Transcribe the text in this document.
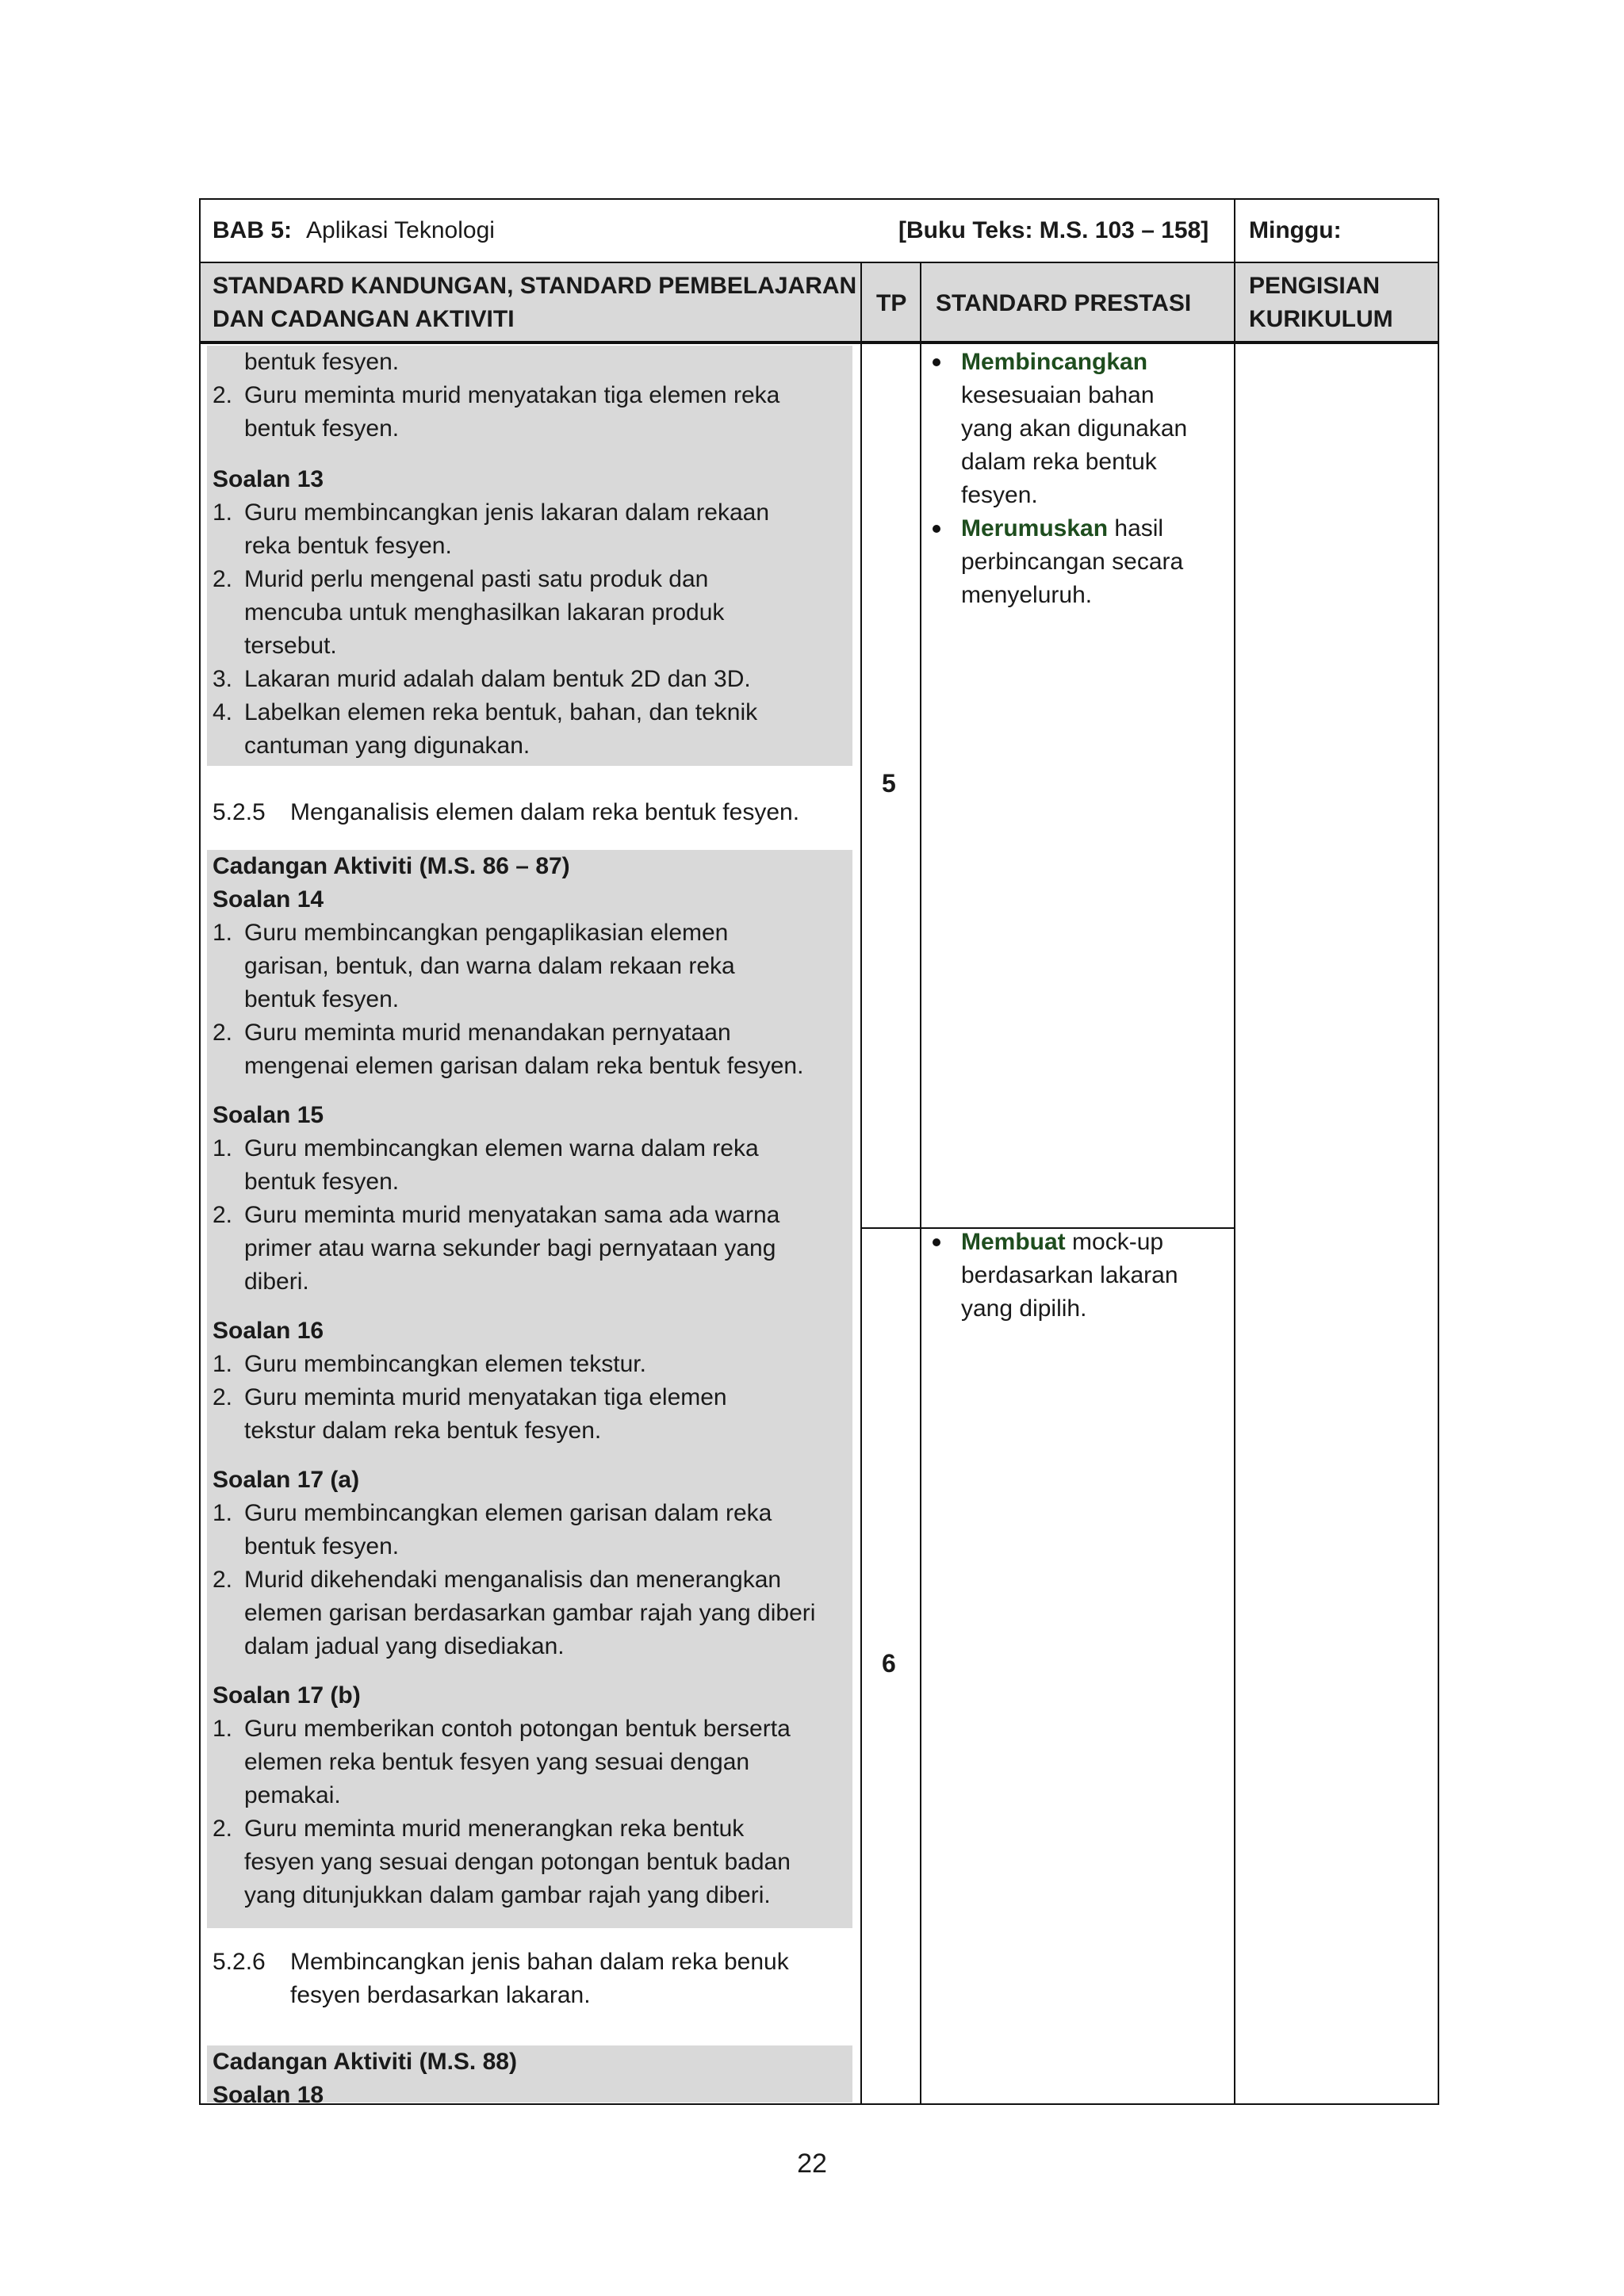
BAB 5: Aplikasi Teknologi	[Buku Teks: M.S. 103 – 158] Minggu:
STANDARD KANDUNGAN, STANDARD PEMBELAJARAN
DAN CADANGAN AKTIVITI
TP STANDARD PRESTASI
PENGISIAN
KURIKULUM
bentuk fesyen.
2. Guru meminta murid menyatakan tiga elemen reka
bentuk fesyen.
Soalan 13
1. Guru membincangkan jenis lakaran dalam rekaan
reka bentuk fesyen.
2. Murid perlu mengenal pasti satu produk dan
mencuba untuk menghasilkan lakaran produk
tersebut.
3. Lakaran murid adalah dalam bentuk 2D dan 3D.
4. Labelkan elemen reka bentuk, bahan, dan teknik
cantuman yang digunakan.
5.2.5 Menganalisis elemen dalam reka bentuk fesyen.
Cadangan Aktiviti (M.S. 86 – 87)
Soalan 14
1. Guru membincangkan pengaplikasian elemen
garisan, bentuk, dan warna dalam rekaan reka
bentuk fesyen.
2. Guru meminta murid menandakan pernyataan
mengenai elemen garisan dalam reka bentuk fesyen.
Soalan 15
1. Guru membincangkan elemen warna dalam reka
bentuk fesyen.
2. Guru meminta murid menyatakan sama ada warna
primer atau warna sekunder bagi pernyataan yang
diberi.
Soalan 16
1. Guru membincangkan elemen tekstur.
2. Guru meminta murid menyatakan tiga elemen
tekstur dalam reka bentuk fesyen.
Soalan 17 (a)
1. Guru membincangkan elemen garisan dalam reka
bentuk fesyen.
2. Murid dikehendaki menganalisis dan menerangkan
elemen garisan berdasarkan gambar rajah yang diberi
dalam jadual yang disediakan.
Soalan 17 (b)
1. Guru memberikan contoh potongan bentuk berserta
elemen reka bentuk fesyen yang sesuai dengan
pemakai.
2. Guru meminta murid menerangkan reka bentuk
fesyen yang sesuai dengan potongan bentuk badan
yang ditunjukkan dalam gambar rajah yang diberi.
5.2.6 Membincangkan jenis bahan dalam reka benuk
fesyen berdasarkan lakaran.
Cadangan Aktiviti (M.S. 88)
Soalan 18
5
6
Membincangkan
kesesuaian bahan
yang akan digunakan
dalam reka bentuk
fesyen.
Merumuskan hasil
perbincangan secara
menyeluruh.
Membuat mock-up
berdasarkan lakaran
yang dipilih.
22
